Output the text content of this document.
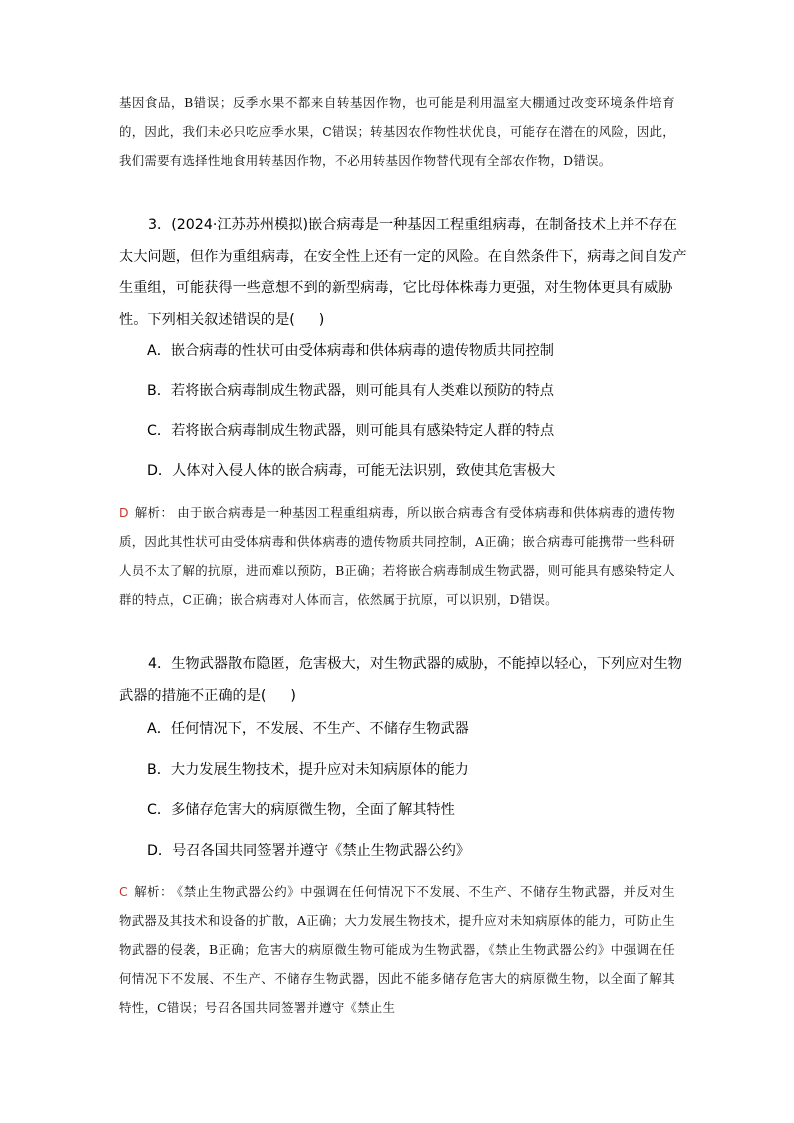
基因食品，B错误；反季水果不都来自转基因作物，也可能是利用温室大棚通过改变环境条件培育的，因此，我们未必只吃应季水果，C错误；转基因农作物性状优良，可能存在潜在的风险，因此，我们需要有选择性地食用转基因作物，不必用转基因作物替代现有全部农作物，D错误。
3．(2024·江苏苏州模拟)嵌合病毒是一种基因工程重组病毒，在制备技术上并不存在太大问题，但作为重组病毒，在安全性上还有一定的风险。在自然条件下，病毒之间自发产生重组，可能获得一些意想不到的新型病毒，它比母体株毒力更强，对生物体更具有威胁性。下列相关叙述错误的是( )
A．嵌合病毒的性状可由受体病毒和供体病毒的遗传物质共同控制
B．若将嵌合病毒制成生物武器，则可能具有人类难以预防的特点
C．若将嵌合病毒制成生物武器，则可能具有感染特定人群的特点
D．人体对入侵人体的嵌合病毒，可能无法识别，致使其危害极大
D 解析： 由于嵌合病毒是一种基因工程重组病毒，所以嵌合病毒含有受体病毒和供体病毒的遗传物质，因此其性状可由受体病毒和供体病毒的遗传物质共同控制，A正确；嵌合病毒可能携带一些科研人员不太了解的抗原，进而难以预防，B正确；若将嵌合病毒制成生物武器，则可能具有感染特定人群的特点，C正确；嵌合病毒对人体而言，依然属于抗原，可以识别，D错误。
4．生物武器散布隐匿，危害极大，对生物武器的威胁，不能掉以轻心，下列应对生物武器的措施不正确的是( )
A．任何情况下，不发展、不生产、不储存生物武器
B．大力发展生物技术，提升应对未知病原体的能力
C．多储存危害大的病原微生物，全面了解其特性
D．号召各国共同签署并遵守《禁止生物武器公约》
C 解析： 《禁止生物武器公约》中强调在任何情况下不发展、不生产、不储存生物武器，并反对生物武器及其技术和设备的扩散，A正确；大力发展生物技术，提升应对未知病原体的能力，可防止生物武器的侵袭，B正确；危害大的病原微生物可能成为生物武器，《禁止生物武器公约》中强调在任何情况下不发展、不生产、不储存生物武器，因此不能多储存危害大的病原微生物，以全面了解其特性，C错误；号召各国共同签署并遵守《禁止生
